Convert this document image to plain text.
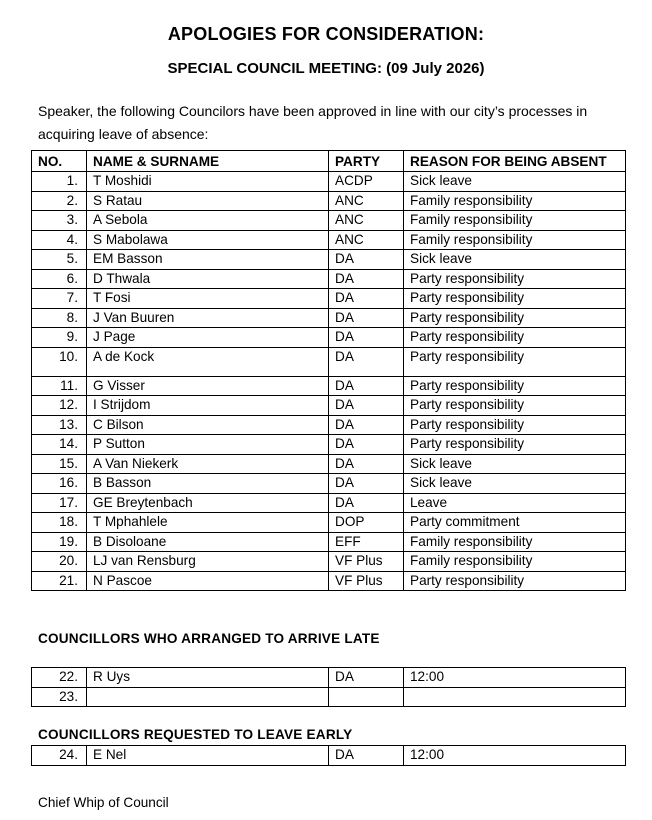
APOLOGIES FOR CONSIDERATION:
SPECIAL COUNCIL MEETING: (09 July 2026)
Speaker, the following Councilors have been approved in line with our city’s processes in acquiring leave of absence:
NO.	NAME & SURNAME	PARTY	REASON FOR BEING ABSENT
1.	T Moshidi	ACDP	Sick leave
2.	S Ratau	ANC	Family responsibility
3.	A Sebola	ANC	Family responsibility
4.	S Mabolawa	ANC	Family responsibility
5.	EM Basson	DA	Sick leave
6.	D Thwala	DA	Party responsibility
7.	T Fosi	DA	Party responsibility
8.	J Van Buuren	DA	Party responsibility
9.	J Page	DA	Party responsibility
10.	A de Kock	DA	Party responsibility
11.	G Visser	DA	Party responsibility
12.	I Strijdom	DA	Party responsibility
13.	C Bilson	DA	Party responsibility
14.	P Sutton	DA	Party responsibility
15.	A Van Niekerk	DA	Sick leave
16.	B Basson	DA	Sick leave
17.	GE Breytenbach	DA	Leave
18.	T Mphahlele	DOP	Party commitment
19.	B Disoloane	EFF	Family responsibility
20.	LJ van Rensburg	VF Plus	Family responsibility
21.	N Pascoe	VF Plus	Party responsibility
COUNCILLORS WHO ARRANGED TO ARRIVE LATE
22.	R Uys	DA	12:00
23.			
COUNCILLORS REQUESTED TO LEAVE EARLY
24.	E Nel	DA	12:00
Chief Whip of Council
